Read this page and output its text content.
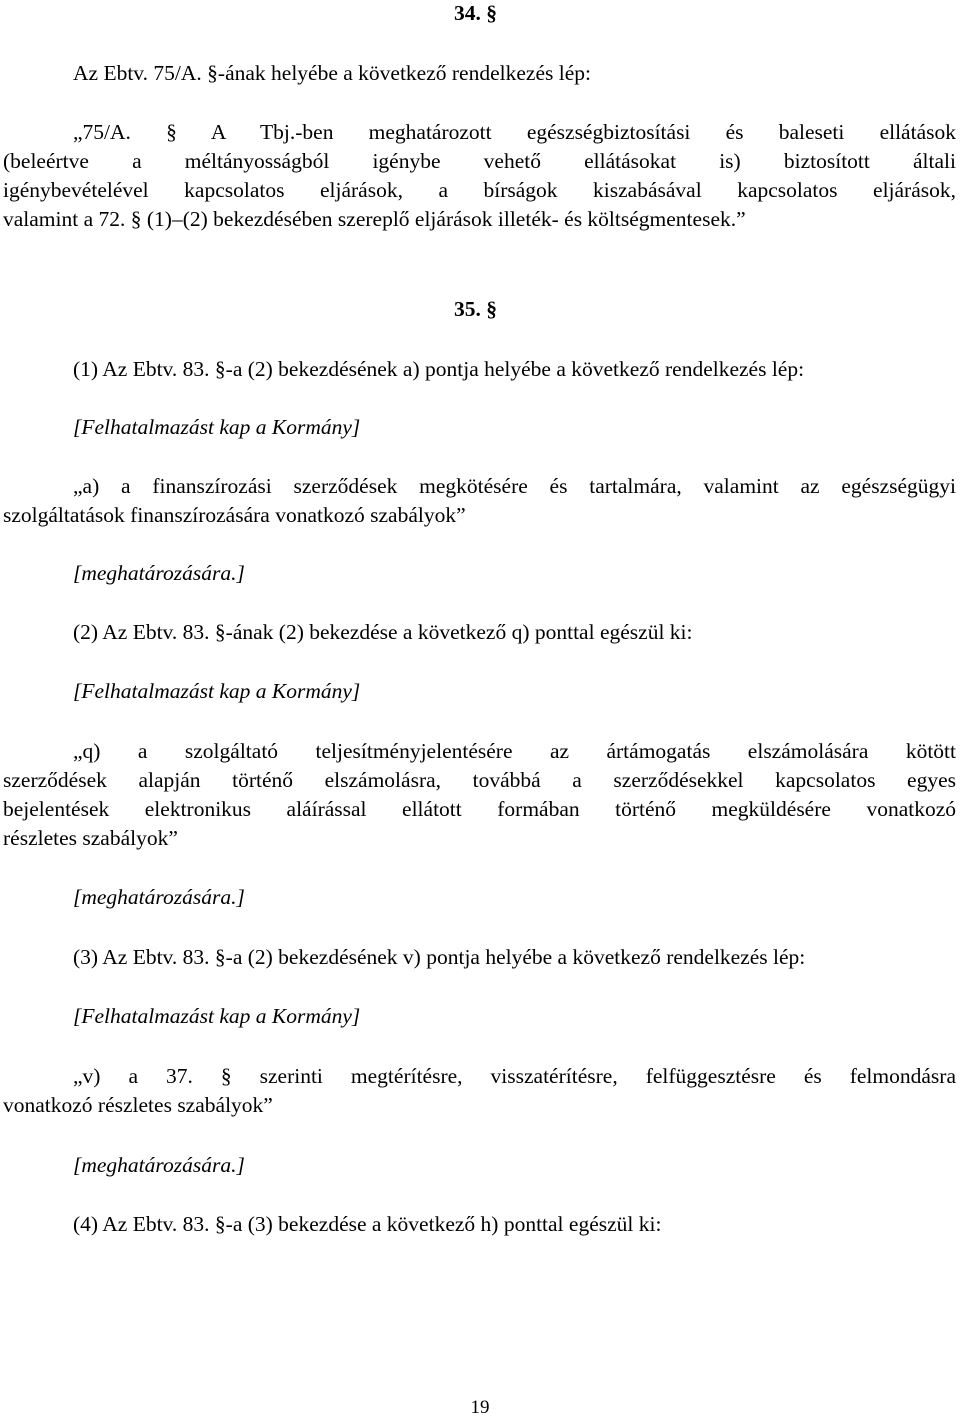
34. §
Az Ebtv. 75/A. §-ának helyébe a következő rendelkezés lép:
„75/A. § A Tbj.-ben meghatározott egészségbiztosítási és baleseti ellátások
(beleértve a méltányosságból igénybe vehető ellátásokat is) biztosított általi
igénybevételével kapcsolatos eljárások, a bírságok kiszabásával kapcsolatos eljárások,
valamint a 72. § (1)–(2) bekezdésében szereplő eljárások illeték- és költségmentesek.”
35. §
(1) Az Ebtv. 83. §-a (2) bekezdésének a) pontja helyébe a következő rendelkezés lép:
[Felhatalmazást kap a Kormány]
„a) a finanszírozási szerződések megkötésére és tartalmára, valamint az egészségügyi
szolgáltatások finanszírozására vonatkozó szabályok”
[meghatározására.]
(2) Az Ebtv. 83. §-ának (2) bekezdése a következő q) ponttal egészül ki:
[Felhatalmazást kap a Kormány]
„q) a szolgáltató teljesítményjelentésére az ártámogatás elszámolására kötött
szerződések alapján történő elszámolásra, továbbá a szerződésekkel kapcsolatos egyes
bejelentések elektronikus aláírással ellátott formában történő megküldésére vonatkozó
részletes szabályok”
[meghatározására.]
(3) Az Ebtv. 83. §-a (2) bekezdésének v) pontja helyébe a következő rendelkezés lép:
[Felhatalmazást kap a Kormány]
„v) a 37. § szerinti megtérítésre, visszatérítésre, felfüggesztésre és felmondásra
vonatkozó részletes szabályok”
[meghatározására.]
(4) Az Ebtv. 83. §-a (3) bekezdése a következő h) ponttal egészül ki:
19
